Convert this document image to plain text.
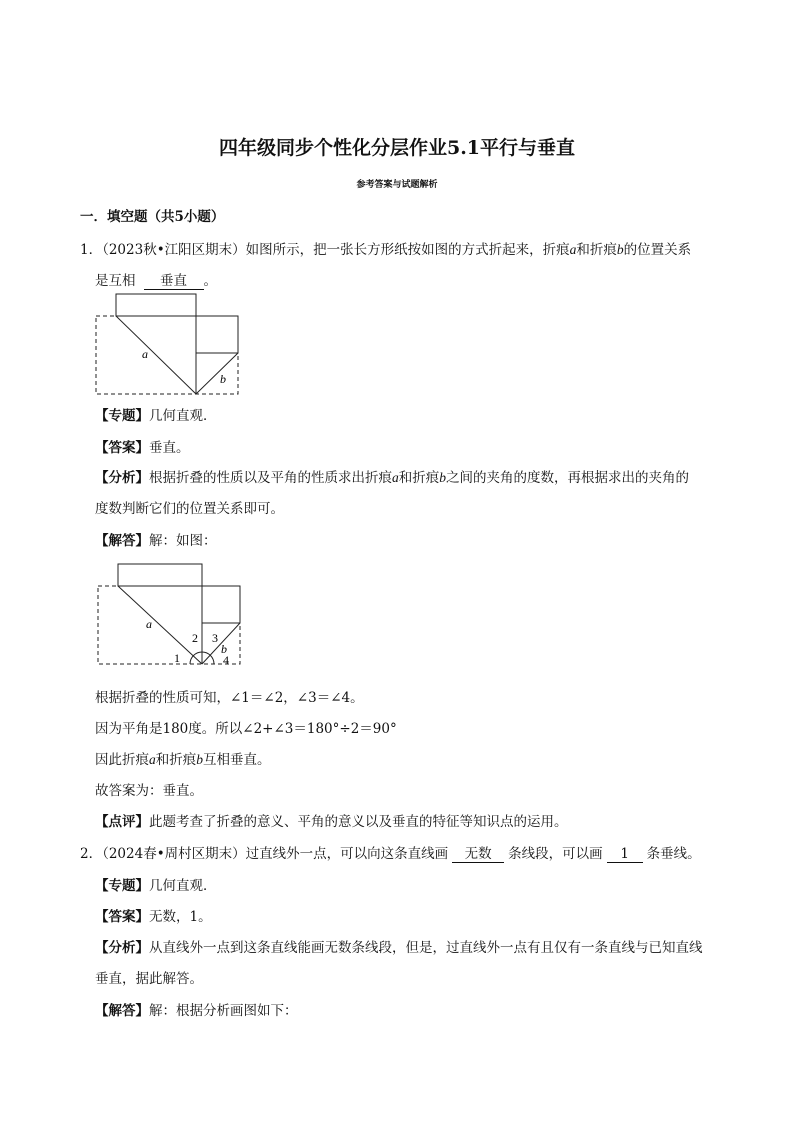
四年级同步个性化分层作业5.1平行与垂直
参考答案与试题解析
一．填空题（共5小题）
1．（2023秋•江阳区期末）如图所示，把一张长方形纸按如图的方式折起来，折痕a和折痕b的位置关系
是互相 垂直 。
a
b
【专题】几何直观．
【答案】垂直。
【分析】根据折叠的性质以及平角的性质求出折痕a和折痕b之间的夹角的度数，再根据求出的夹角的
度数判断它们的位置关系即可。
【解答】解：如图：
a
b
1
2 3
4
根据折叠的性质可知，∠1＝∠2，∠3＝∠4。
因为平角是180度。所以∠2+∠3＝180°÷2＝90°
因此折痕a和折痕b互相垂直。
故答案为：垂直。
【点评】此题考查了折叠的意义、平角的意义以及垂直的特征等知识点的运用。
2．（2024春•周村区期末）过直线外一点，可以向这条直线画 无数 条线段，可以画 1 条垂线。
【专题】几何直观．
【答案】无数，1。
【分析】从直线外一点到这条直线能画无数条线段，但是，过直线外一点有且仅有一条直线与已知直线
垂直，据此解答。
【解答】解：根据分析画图如下：
